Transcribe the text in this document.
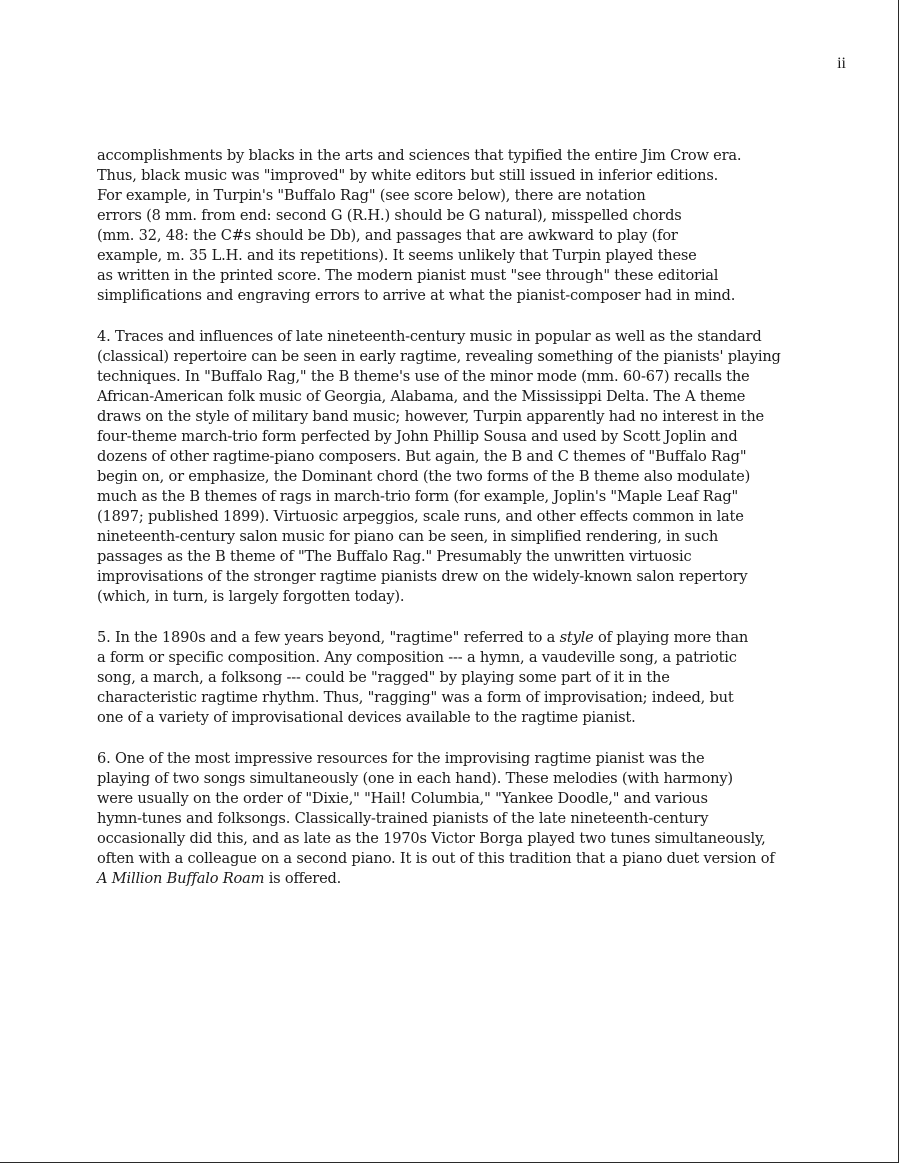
ii
accomplishments by blacks in the arts and sciences that typified the entire Jim Crow era.
Thus, black music was "improved" by white editors but still issued in inferior editions.
For example, in Turpin's "Buffalo Rag" (see score below), there are notation
errors (8 mm. from end: second G (R.H.) should be G natural), misspelled chords
(mm. 32, 48: the C#s should be Db), and passages that are awkward to play (for
example, m. 35 L.H. and its repetitions). It seems unlikely that Turpin played these
as written in the printed score. The modern pianist must "see through" these editorial
simplifications and engraving errors to arrive at what the pianist-composer had in mind.
4. Traces and influences of late nineteenth-century music in popular as well as the standard
(classical) repertoire can be seen in early ragtime, revealing something of the pianists' playing
techniques. In "Buffalo Rag," the B theme's use of the minor mode (mm. 60-67) recalls the
African-American folk music of Georgia, Alabama, and the Mississippi Delta. The A theme
draws on the style of military band music; however, Turpin apparently had no interest in the
four-theme march-trio form perfected by John Phillip Sousa and used by Scott Joplin and
dozens of other ragtime-piano composers. But again, the B and C themes of "Buffalo Rag"
begin on, or emphasize, the Dominant chord (the two forms of the B theme also modulate)
much as the B themes of rags in march-trio form (for example, Joplin's "Maple Leaf Rag"
(1897; published 1899). Virtuosic arpeggios, scale runs, and other effects common in late
nineteenth-century salon music for piano can be seen, in simplified rendering, in such
passages as the B theme of "The Buffalo Rag." Presumably the unwritten virtuosic
improvisations of the stronger ragtime pianists drew on the widely-known salon repertory
(which, in turn, is largely forgotten today).
5. In the 1890s and a few years beyond, "ragtime" referred to a style of playing more than
a form or specific composition. Any composition --- a hymn, a vaudeville song, a patriotic
song, a march, a folksong --- could be "ragged" by playing some part of it in the
characteristic ragtime rhythm. Thus, "ragging" was a form of improvisation; indeed, but
one of a variety of improvisational devices available to the ragtime pianist.
6. One of the most impressive resources for the improvising ragtime pianist was the
playing of two songs simultaneously (one in each hand). These melodies (with harmony)
were usually on the order of "Dixie," "Hail! Columbia," "Yankee Doodle," and various
hymn-tunes and folksongs. Classically-trained pianists of the late nineteenth-century
occasionally did this, and as late as the 1970s Victor Borga played two tunes simultaneously,
often with a colleague on a second piano. It is out of this tradition that a piano duet version of
A Million Buffalo Roam is offered.
